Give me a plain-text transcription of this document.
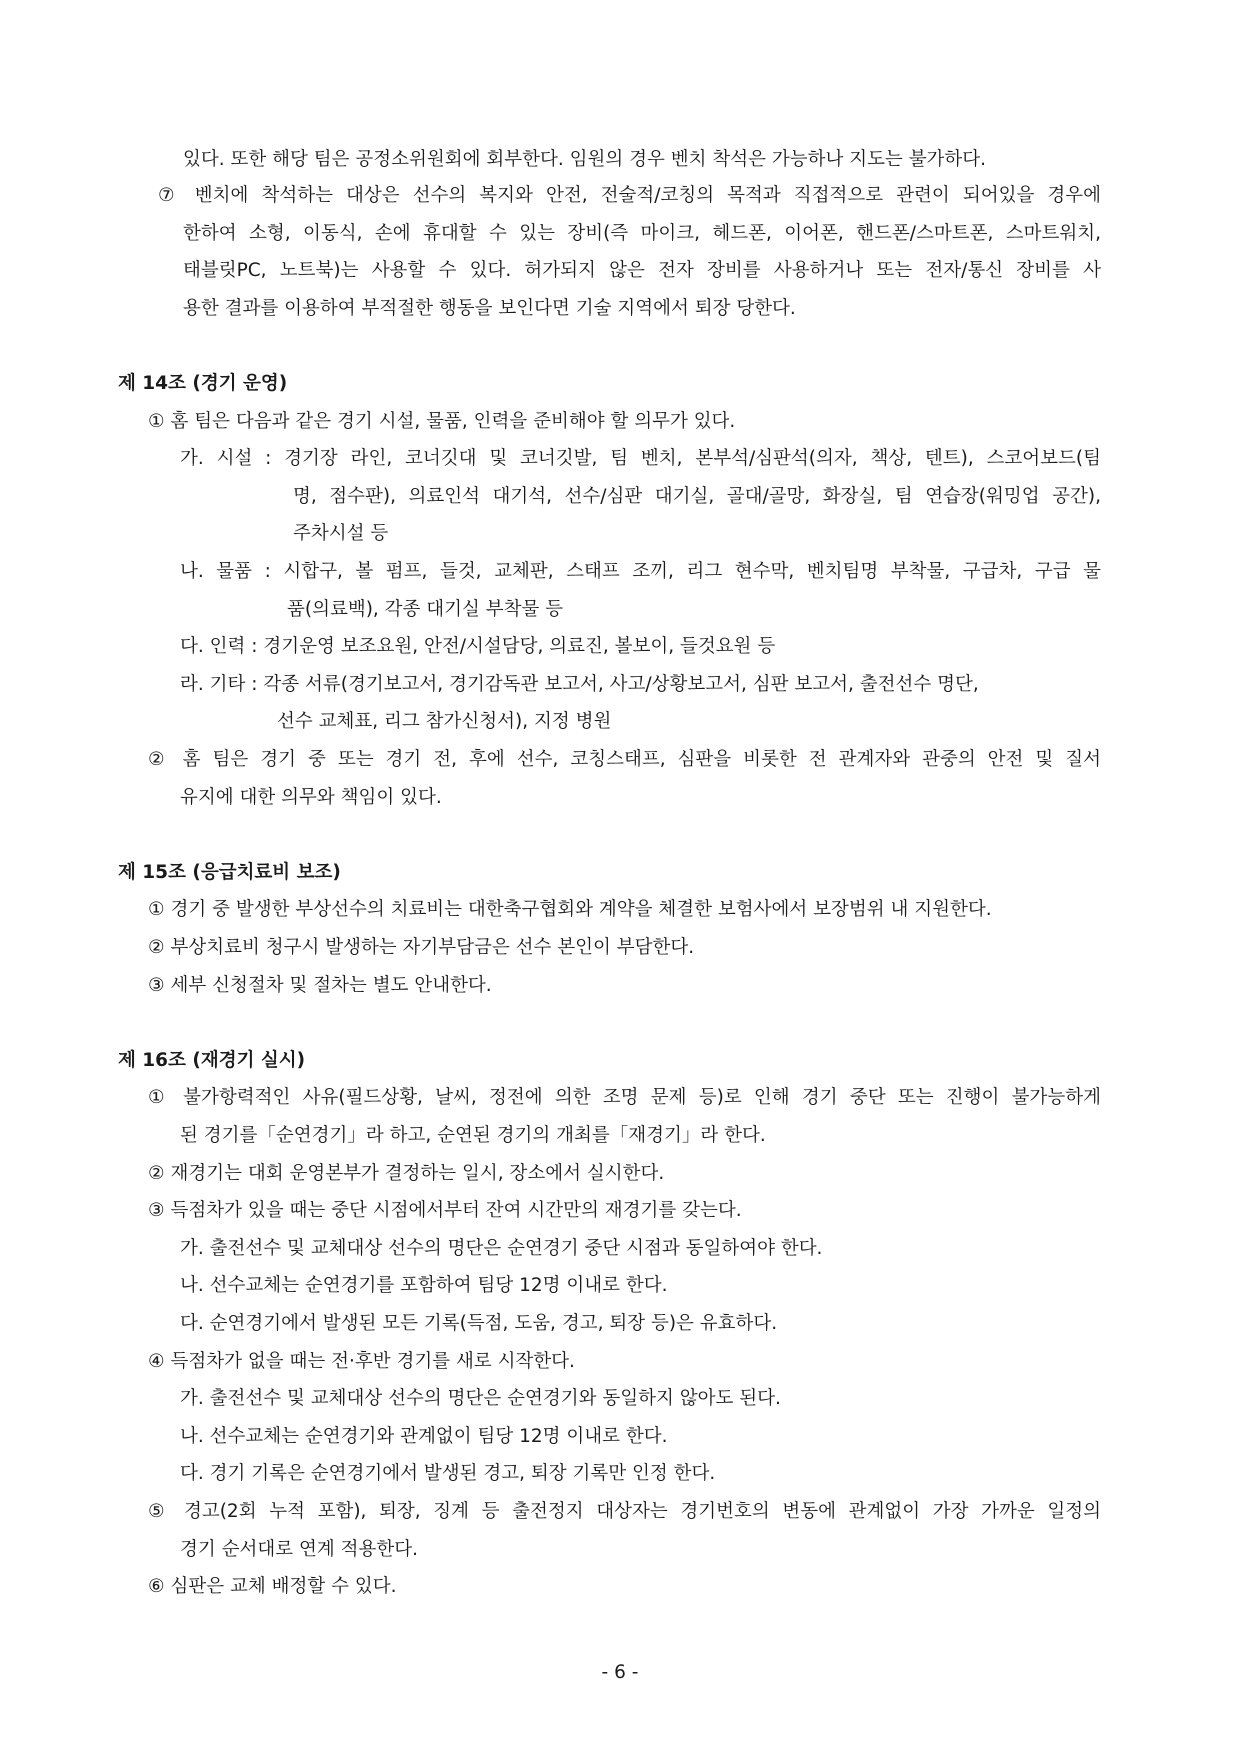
있다. 또한 해당 팀은 공정소위원회에 회부한다. 임원의 경우 벤치 착석은 가능하나 지도는 불가하다.
⑦ 벤치에 착석하는 대상은 선수의 복지와 안전, 전술적/코칭의 목적과 직접적으로 관련이 되어있을 경우에
한하여 소형, 이동식, 손에 휴대할 수 있는 장비(즉 마이크, 헤드폰, 이어폰, 핸드폰/스마트폰, 스마트워치,
태블릿PC, 노트북)는 사용할 수 있다. 허가되지 않은 전자 장비를 사용하거나 또는 전자/통신 장비를 사
용한 결과를 이용하여 부적절한 행동을 보인다면 기술 지역에서 퇴장 당한다.
제 14조 (경기 운영)
① 홈 팀은 다음과 같은 경기 시설, 물품, 인력을 준비해야 할 의무가 있다.
가. 시설 : 경기장 라인, 코너깃대 및 코너깃발, 팀 벤치, 본부석/심판석(의자, 책상, 텐트), 스코어보드(팀
명, 점수판), 의료인석 대기석, 선수/심판 대기실, 골대/골망, 화장실, 팀 연습장(워밍업 공간),
주차시설 등
나. 물품 : 시합구, 볼 펌프, 들것, 교체판, 스태프 조끼, 리그 현수막, 벤치팀명 부착물, 구급차, 구급 물
품(의료백), 각종 대기실 부착물 등
다. 인력 : 경기운영 보조요원, 안전/시설담당, 의료진, 볼보이, 들것요원 등
라. 기타 : 각종 서류(경기보고서, 경기감독관 보고서, 사고/상황보고서, 심판 보고서, 출전선수 명단,
선수 교체표, 리그 참가신청서), 지정 병원
② 홈 팀은 경기 중 또는 경기 전, 후에 선수, 코칭스태프, 심판을 비롯한 전 관계자와 관중의 안전 및 질서
유지에 대한 의무와 책임이 있다.
제 15조 (응급치료비 보조)
① 경기 중 발생한 부상선수의 치료비는 대한축구협회와 계약을 체결한 보험사에서 보장범위 내 지원한다.
② 부상치료비 청구시 발생하는 자기부담금은 선수 본인이 부담한다.
③ 세부 신청절차 및 절차는 별도 안내한다.
제 16조 (재경기 실시)
① 불가항력적인 사유(필드상황, 날씨, 정전에 의한 조명 문제 등)로 인해 경기 중단 또는 진행이 불가능하게
된 경기를「순연경기」라 하고, 순연된 경기의 개최를「재경기」라 한다.
② 재경기는 대회 운영본부가 결정하는 일시, 장소에서 실시한다.
③ 득점차가 있을 때는 중단 시점에서부터 잔여 시간만의 재경기를 갖는다.
가. 출전선수 및 교체대상 선수의 명단은 순연경기 중단 시점과 동일하여야 한다.
나. 선수교체는 순연경기를 포함하여 팀당 12명 이내로 한다.
다. 순연경기에서 발생된 모든 기록(득점, 도움, 경고, 퇴장 등)은 유효하다.
④ 득점차가 없을 때는 전·후반 경기를 새로 시작한다.
가. 출전선수 및 교체대상 선수의 명단은 순연경기와 동일하지 않아도 된다.
나. 선수교체는 순연경기와 관계없이 팀당 12명 이내로 한다.
다. 경기 기록은 순연경기에서 발생된 경고, 퇴장 기록만 인정 한다.
⑤ 경고(2회 누적 포함), 퇴장, 징계 등 출전정지 대상자는 경기번호의 변동에 관계없이 가장 가까운 일정의
경기 순서대로 연계 적용한다.
⑥ 심판은 교체 배정할 수 있다.
- 6 -
